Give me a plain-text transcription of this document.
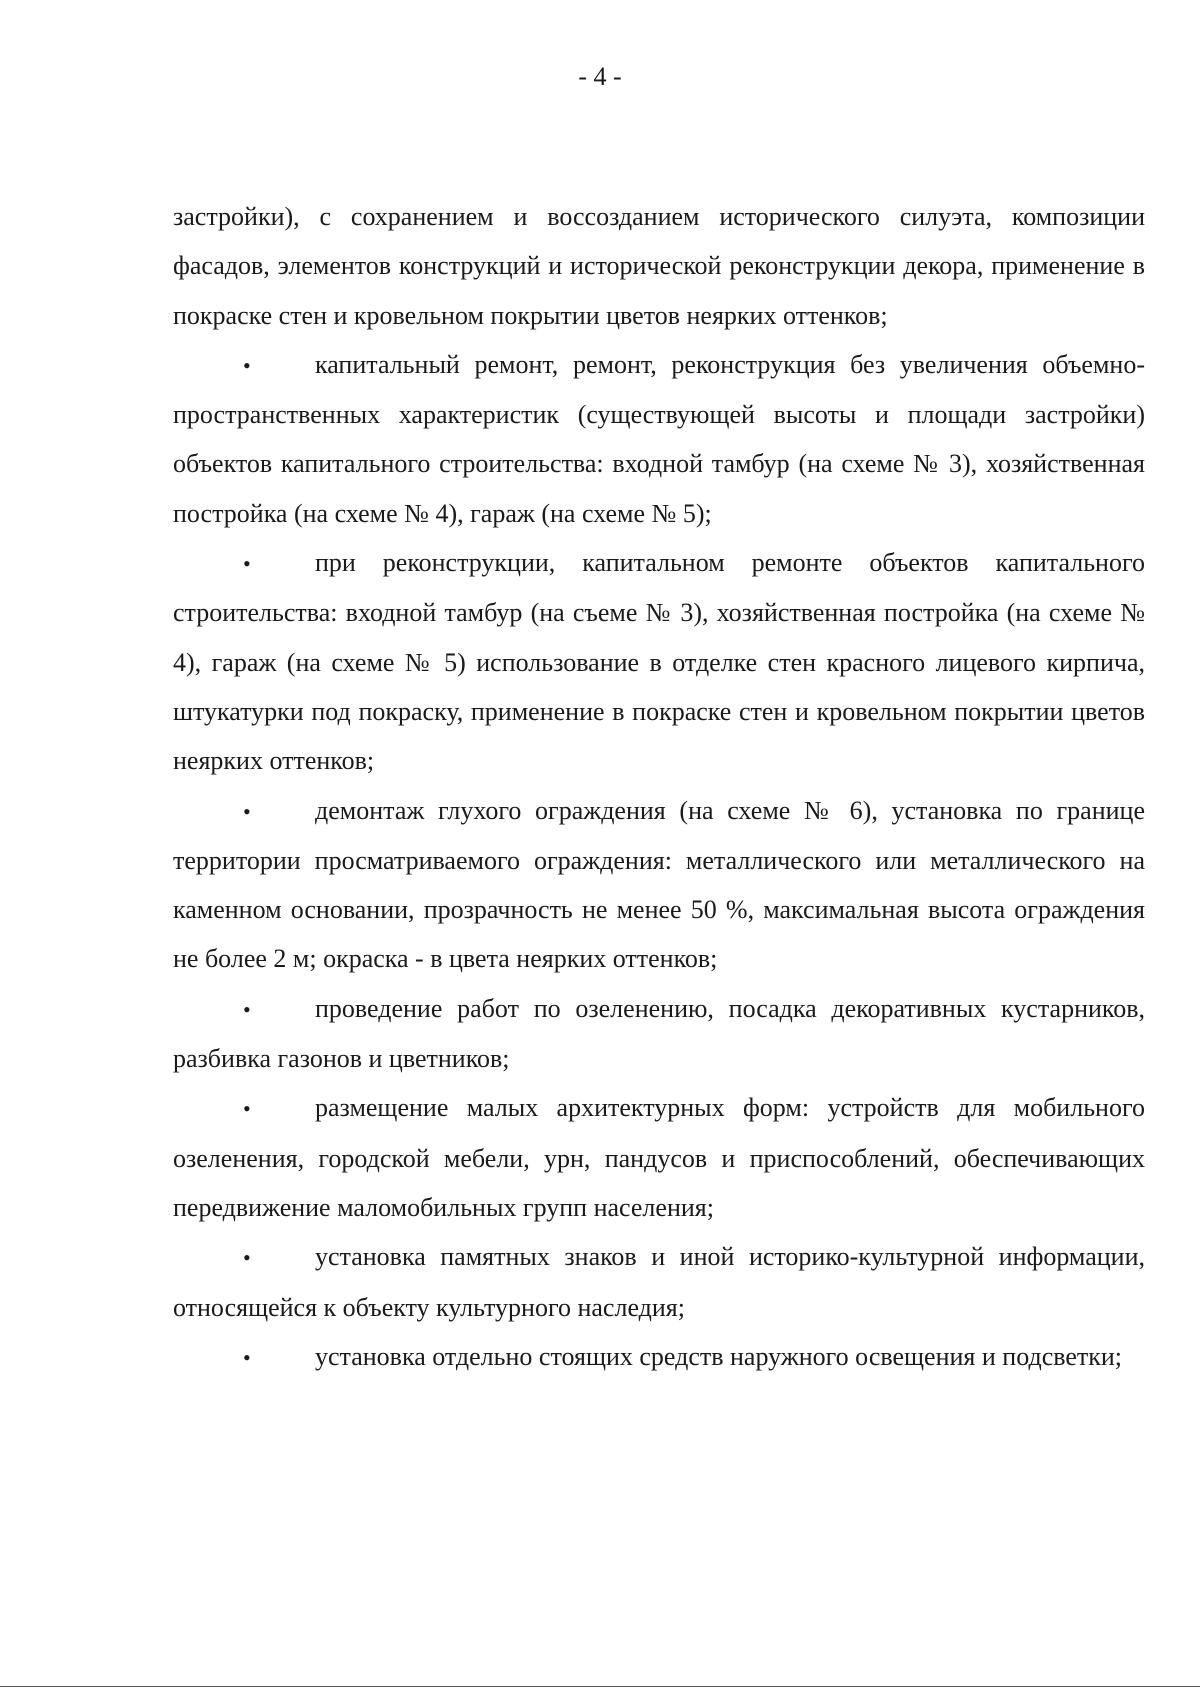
- 4 -

застройки), с сохранением и воссозданием исторического силуэта, композиции фасадов, элементов конструкций и исторической реконструкции декора, применение в покраске стен и кровельном покрытии цветов неярких оттенков;

• капитальный ремонт, ремонт, реконструкция без увеличения объемно-пространственных характеристик (существующей высоты и площади застройки) объектов капитального строительства: входной тамбур (на схеме № 3), хозяйственная постройка (на схеме № 4), гараж (на схеме № 5);

• при реконструкции, капитальном ремонте объектов капитального строительства: входной тамбур (на съеме № 3), хозяйственная постройка (на схеме № 4), гараж (на схеме № 5) использование в отделке стен красного лицевого кирпича, штукатурки под покраску, применение в покраске стен и кровельном покрытии цветов неярких оттенков;

• демонтаж глухого ограждения (на схеме № 6), установка по границе территории просматриваемого ограждения: металлического или металлического на каменном основании, прозрачность не менее 50 %, максимальная высота ограждения не более 2 м; окраска - в цвета неярких оттенков;

• проведение работ по озеленению, посадка декоративных кустарников, разбивка газонов и цветников;

• размещение малых архитектурных форм: устройств для мобильного озеленения, городской мебели, урн, пандусов и приспособлений, обеспечивающих передвижение маломобильных групп населения;

• установка памятных знаков и иной историко-культурной информации, относящейся к объекту культурного наследия;

• установка отдельно стоящих средств наружного освещения и подсветки;
